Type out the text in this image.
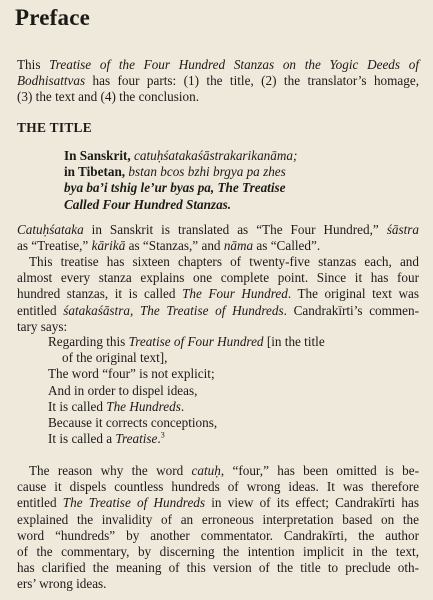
Preface

This Treatise of the Four Hundred Stanzas on the Yogic Deeds of
Bodhisattvas has four parts: (1) the title, (2) the translator’s homage,
(3) the text and (4) the conclusion.

THE TITLE
In Sanskrit, catuḥśatakaśāstrakarikanāma;
in Tibetan, bstan bcos bzhi brgya pa zhes
bya ba’i tshig le’ur byas pa, The Treatise
Called Four Hundred Stanzas.

Catuḥśataka in Sanskrit is translated as “The Four Hundred,” śāstra
as “Treatise,” kārikā as “Stanzas,” and nāma as “Called”.

This treatise has sixteen chapters of twenty-five stanzas each, and
almost every stanza explains one complete point. Since it has four
hundred stanzas, it is called The Four Hundred. The original text was
entitled śatakaśāstra, The Treatise of Hundreds. Candrakīrti’s commen-
tary says:

Regarding this Treatise of Four Hundred [in the title
of the original text],
The word “four” is not explicit;
And in order to dispel ideas,
It is called The Hundreds.
Because it corrects conceptions,
It is called a Treatise.$^3$

The reason why the word catuḥ, “four,” has been omitted is be-
cause it dispels countless hundreds of wrong ideas. It was therefore
entitled The Treatise of Hundreds in view of its effect; Candrakīrti has
explained the invalidity of an erroneous interpretation based on the
word “hundreds” by another commentator. Candrakīrti, the author
of the commentary, by discerning the intention implicit in the text,
has clarified the meaning of this version of the title to preclude oth-
ers’ wrong ideas.
